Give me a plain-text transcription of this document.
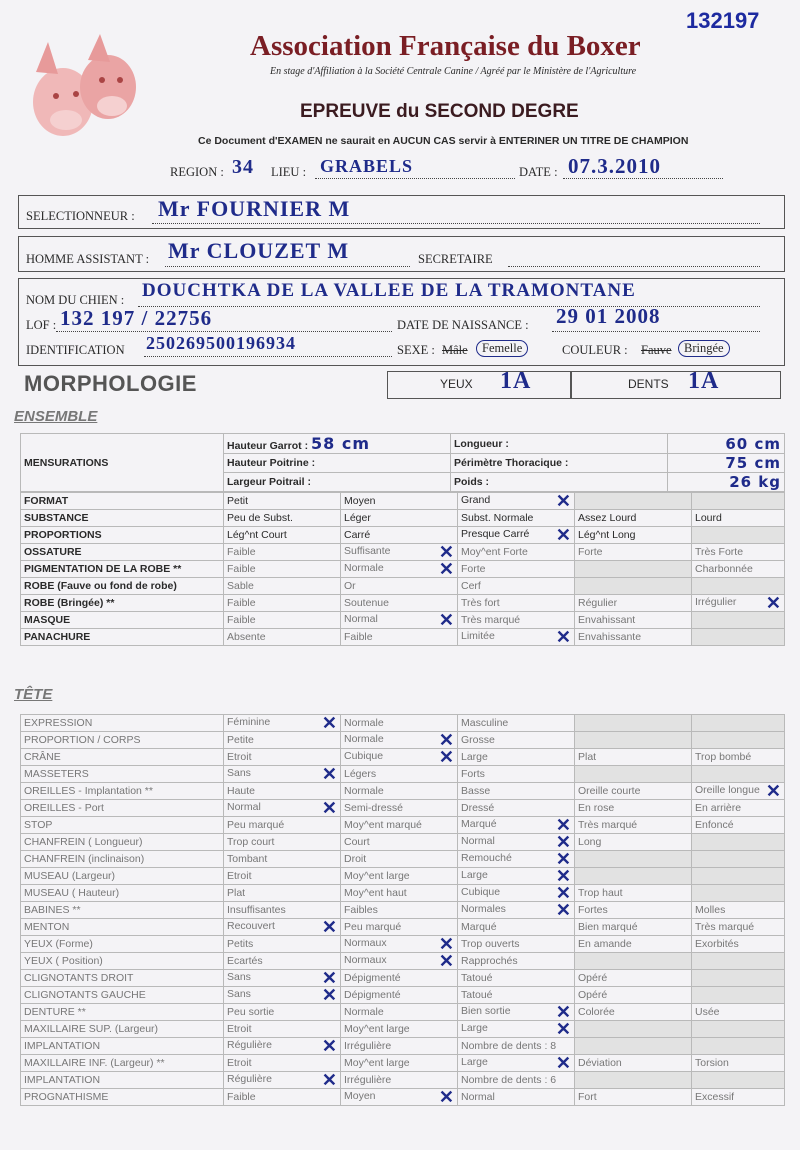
132197
Association Française du Boxer
En stage d'Affiliation à la Société Centrale Canine / Agréé par le Ministère de l'Agriculture
EPREUVE du SECOND DEGRE
Ce Document d'EXAMEN ne saurait en AUCUN CAS servir à ENTERINER UN TITRE DE CHAMPION
REGION : 34 LIEU : GRABELS	DATE : 07.3.2010
SELECTIONNEUR : Mr FOURNIER M
HOMME ASSISTANT : Mr CLOUZET M	SECRETAIRE
NOM DU CHIEN : DOUCHTKA DE LA VALLEE DE LA TRAMONTANE
LOF : 132 197 / 22756	DATE DE NAISSANCE : 29 01 2008
IDENTIFICATION 250269500196934	SEXE : Mâle	Femelle	COULEUR : Fauve Bringée
MORPHOLOGIE	YEUX 1A	DENTS 1A
ENSEMBLE
MENSURATIONS	Hauteur Garrot : 58 cm	Longueur :	60 cm
	Hauteur Poitrine :	Périmètre Thoracique :	75 cm
	Largeur Poitrail :	Poids :	26 kg
FORMAT	Petit	Moyen	Grand ✕		

SUBSTANCE	Peu de Subst.	Léger	Subst. Normale	Assez Lourd	Lourd
PROPORTIONS	Lég^nt Court	Carré	Presque Carré ✕	Lég^nt Long	
OSSATURE	Faible	Suffisante ✕	Moy^ent Forte	Forte	Très Forte
PIGMENTATION DE LA ROBE **	Faible	Normale ✕	Forte		Charbonnée
ROBE (Fauve ou fond de robe)	Sable	Or	Cerf		
ROBE (Bringée) **	Faible	Soutenue	Très fort	Régulier	Irrégulier ✕

MASQUE	Faible	Normal ✕	Très marqué	Envahissant	
PANACHURE	Absente	Faible	Limitée ✕	Envahissante	
TÊTE
EXPRESSION	Féminine ✕	Normale	Masculine		
PROPORTION / CORPS	Petite	Normale ✕	Grosse		
CRÂNE	Etroit	Cubique ✕	Large	Plat	Trop bombé
MASSETERS	Sans ✕	Légers	Forts		
OREILLES - Implantation **	Haute	Normale	Basse	Oreille courte	Oreille longue ✕

OREILLES - Port	Normal ✕	Semi-dressé	Dressé	En rose	En arrière
STOP	Peu marqué	Moy^ent marqué	Marqué ✕	Très marqué	Enfoncé
CHANFREIN ( Longueur)	Trop court	Court	Normal ✕	Long	
CHANFREIN (inclinaison)	Tombant	Droit	Remouché ✕		

MUSEAU (Largeur)	Etroit	Moy^ent large	Large ✕		

MUSEAU ( Hauteur)	Plat	Moy^ent haut	Cubique ✕	Trop haut	
BABINES **	Insuffisantes	Faibles	Normales ✕	Fortes	Molles
MENTON	Recouvert ✕	Peu marqué	Marqué	Bien marqué	Très marqué
YEUX (Forme)	Petits	Normaux ✕	Trop ouverts	En amande	Exorbités
YEUX ( Position)	Ecartés	Normaux ✕	Rapprochés		
CLIGNOTANTS DROIT	Sans ✕	Dépigmenté	Tatoué	Opéré	
CLIGNOTANTS GAUCHE	Sans ✕	Dépigmenté	Tatoué	Opéré	
DENTURE **	Peu sortie	Normale	Bien sortie ✕	Colorée	Usée
MAXILLAIRE SUP. (Largeur)	Etroit	Moy^ent large	Large ✕		

IMPLANTATION	Régulière ✕	Irrégulière	Nombre de dents : 8		
MAXILLAIRE INF. (Largeur) **	Etroit	Moy^ent large	Large ✕	Déviation	Torsion
IMPLANTATION	Régulière ✕	Irrégulière	Nombre de dents : 6		
PROGNATHISME	Faible	Moyen ✕	Normal	Fort	Excessif
